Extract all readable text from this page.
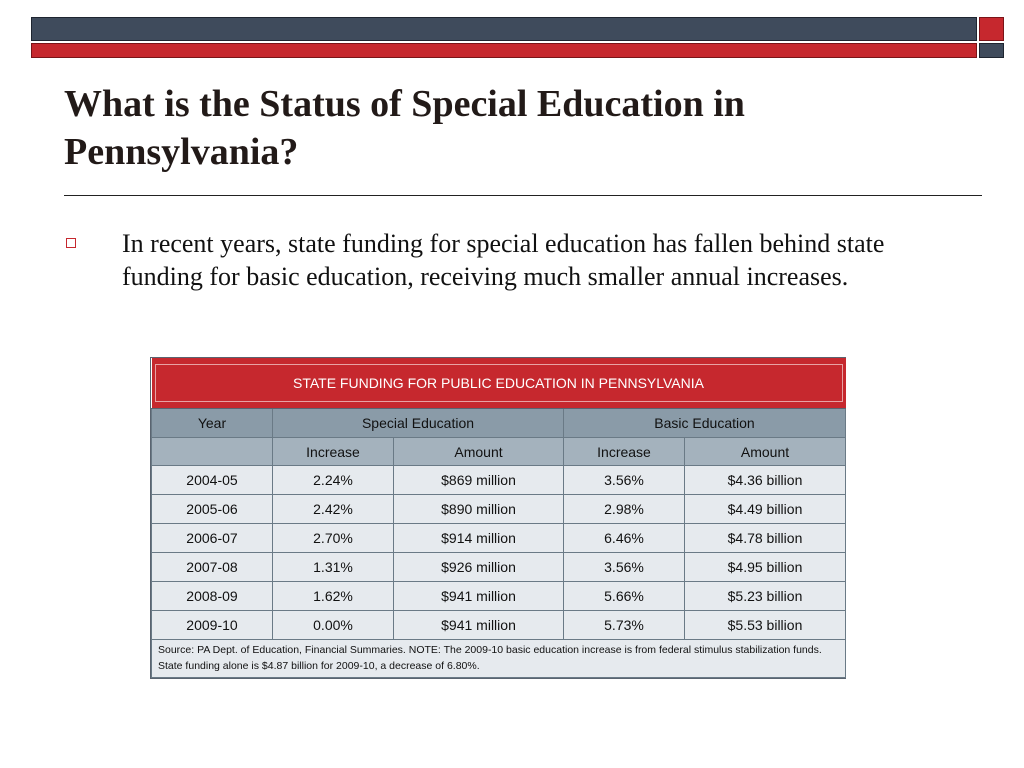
What is the Status of Special Education in Pennsylvania?

In recent years, state funding for special education has fallen behind state funding for basic education, receiving much smaller annual increases.

STATE FUNDING FOR PUBLIC EDUCATION IN PENNSYLVANIA				

Year	Special Education		Basic Education	
	Increase	Amount	Increase	Amount
2004-05	2.24%	$869 million	3.56%	$4.36 billion
2005-06	2.42%	$890 million	2.98%	$4.49 billion
2006-07	2.70%	$914 million	6.46%	$4.78 billion
2007-08	1.31%	$926 million	3.56%	$4.95 billion
2008-09	1.62%	$941 million	5.66%	$5.23 billion
2009-10	0.00%	$941 million	5.73%	$5.53 billion
Source: PA Dept. of Education, Financial Summaries. NOTE: The 2009-10 basic education increase is from federal stimulus stabilization funds. State funding alone is $4.87 billion for 2009-10, a decrease of 6.80%.				
